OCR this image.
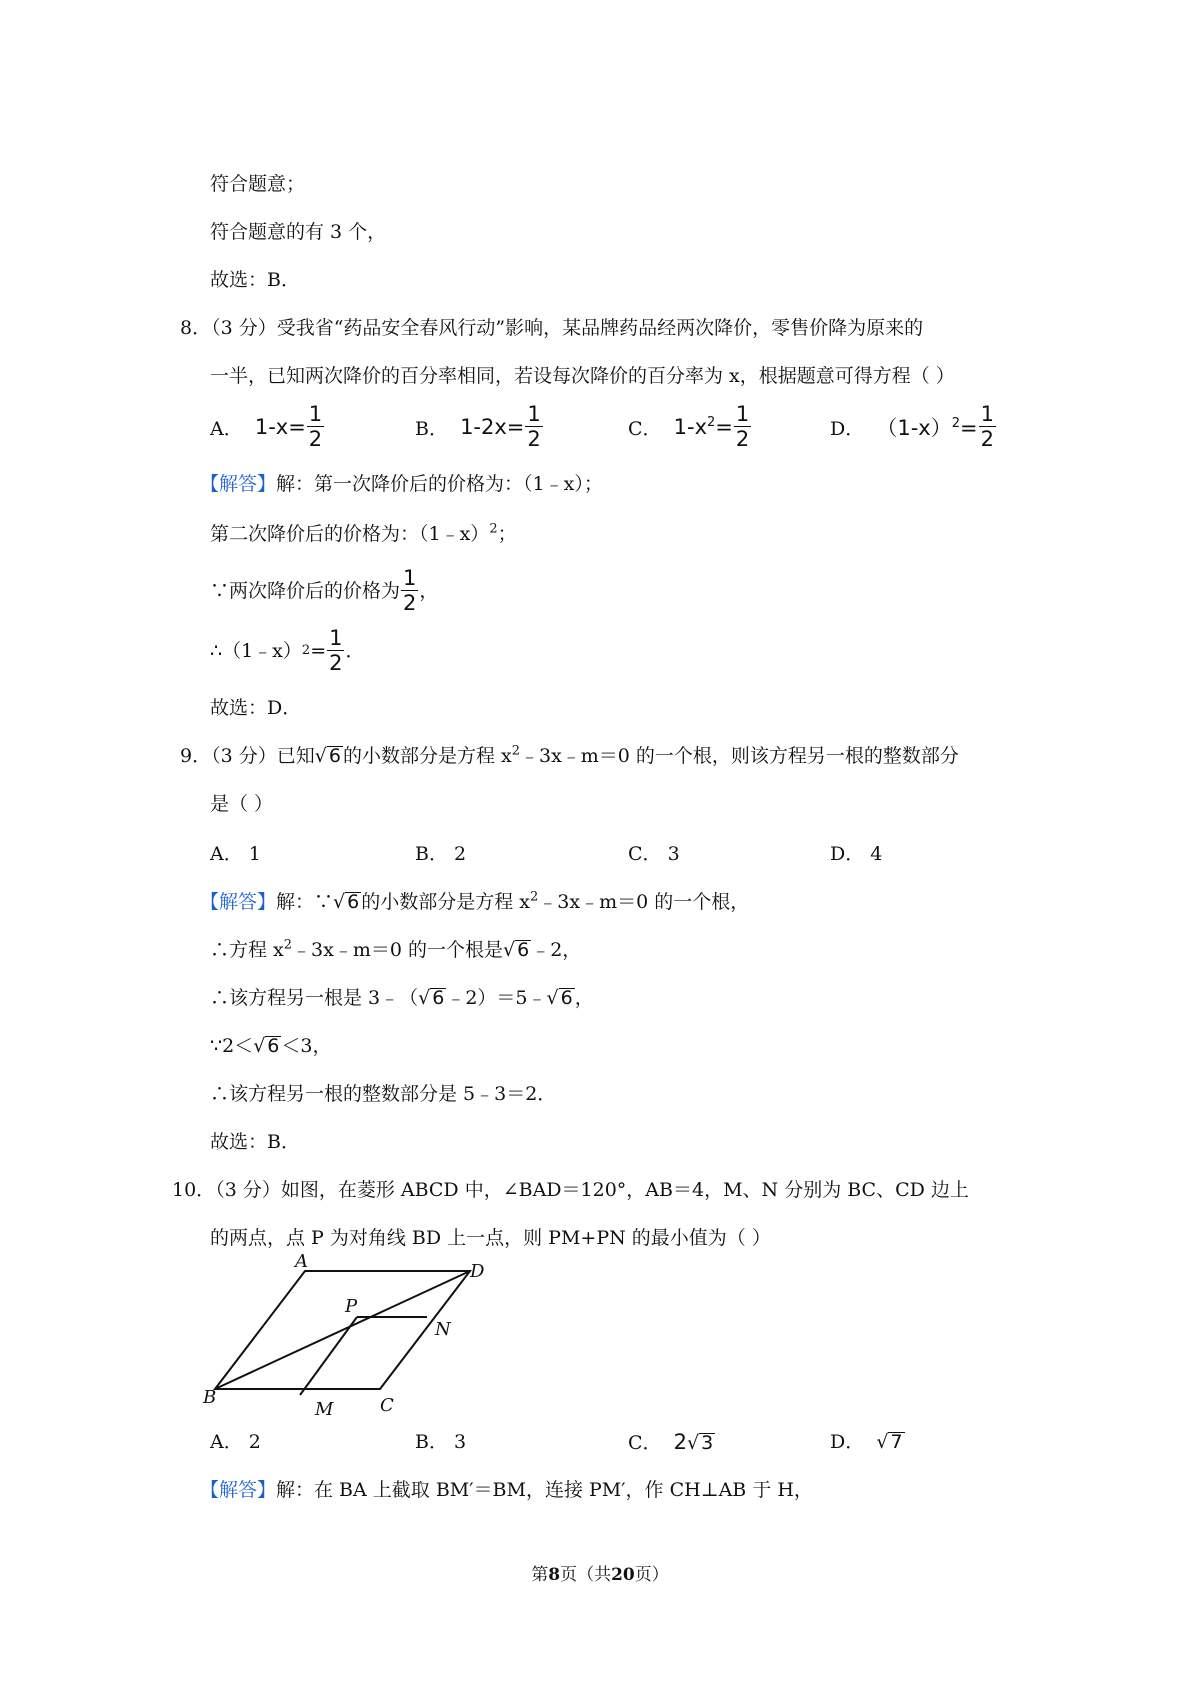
符合题意；
符合题意的有 3 个，
故选：B．
8．（3 分）受我省“药品安全春风行动”影响，某品牌药品经两次降价，零售价降为原来的
一半，已知两次降价的百分率相同，若设每次降价的百分率为 x，根据题意可得方程（ ）
A．
$1-x= \frac{1}{2}$	B．
$1-2x= \frac{1}{2}$	C．
$1-x^2= \frac{1}{2}$	D．
$(1-x)^2= \frac{1}{2}$
【解答】解：第一次降价后的价格为：（1﹣x）；
第二次降价后的价格为：（1﹣x）$^2$；
∵两次降价后的价格为 $\frac{1}{2}$ ，
∴（1﹣x） $2 = \frac{1}{2}$ ．
故选：D．
9．（3 分）已知√ 6 的小数部分是方程 $x^2﹣3x﹣m=0$ 的一个根，则该方程另一根的整数部分
是（ ）
A． 1	B． 2	C． 3	D． 4
【解答】解：∵√ 6 的小数部分是方程 $x^2﹣3x﹣m=0$ 的一个根，
∴方程 $x^2﹣3x﹣m=0$ 的一个根是√ 6 ﹣2，
∴该方程另一根是 3﹣（√ 6 ﹣2）＝5﹣√ 6 ，
∵2＜√ 6 ＜3，
∴该方程另一根的整数部分是 5﹣3＝2．
故选：B．
10．（3 分）如图，在菱形 ABCD 中，∠BAD＝120°，AB＝4，M、N 分别为 BC、CD 边上
的两点，点 P 为对角线 BD 上一点，则 PM+PN 的最小值为（ ）
A	D
P
N
B
M	C
A． 2	B． 3	C． 2√ 3	D． √ 7
【解答】解：在 BA 上截取 BM′＝BM，连接 PM′，作 CH⊥AB 于 H，
第8页（共20页）
